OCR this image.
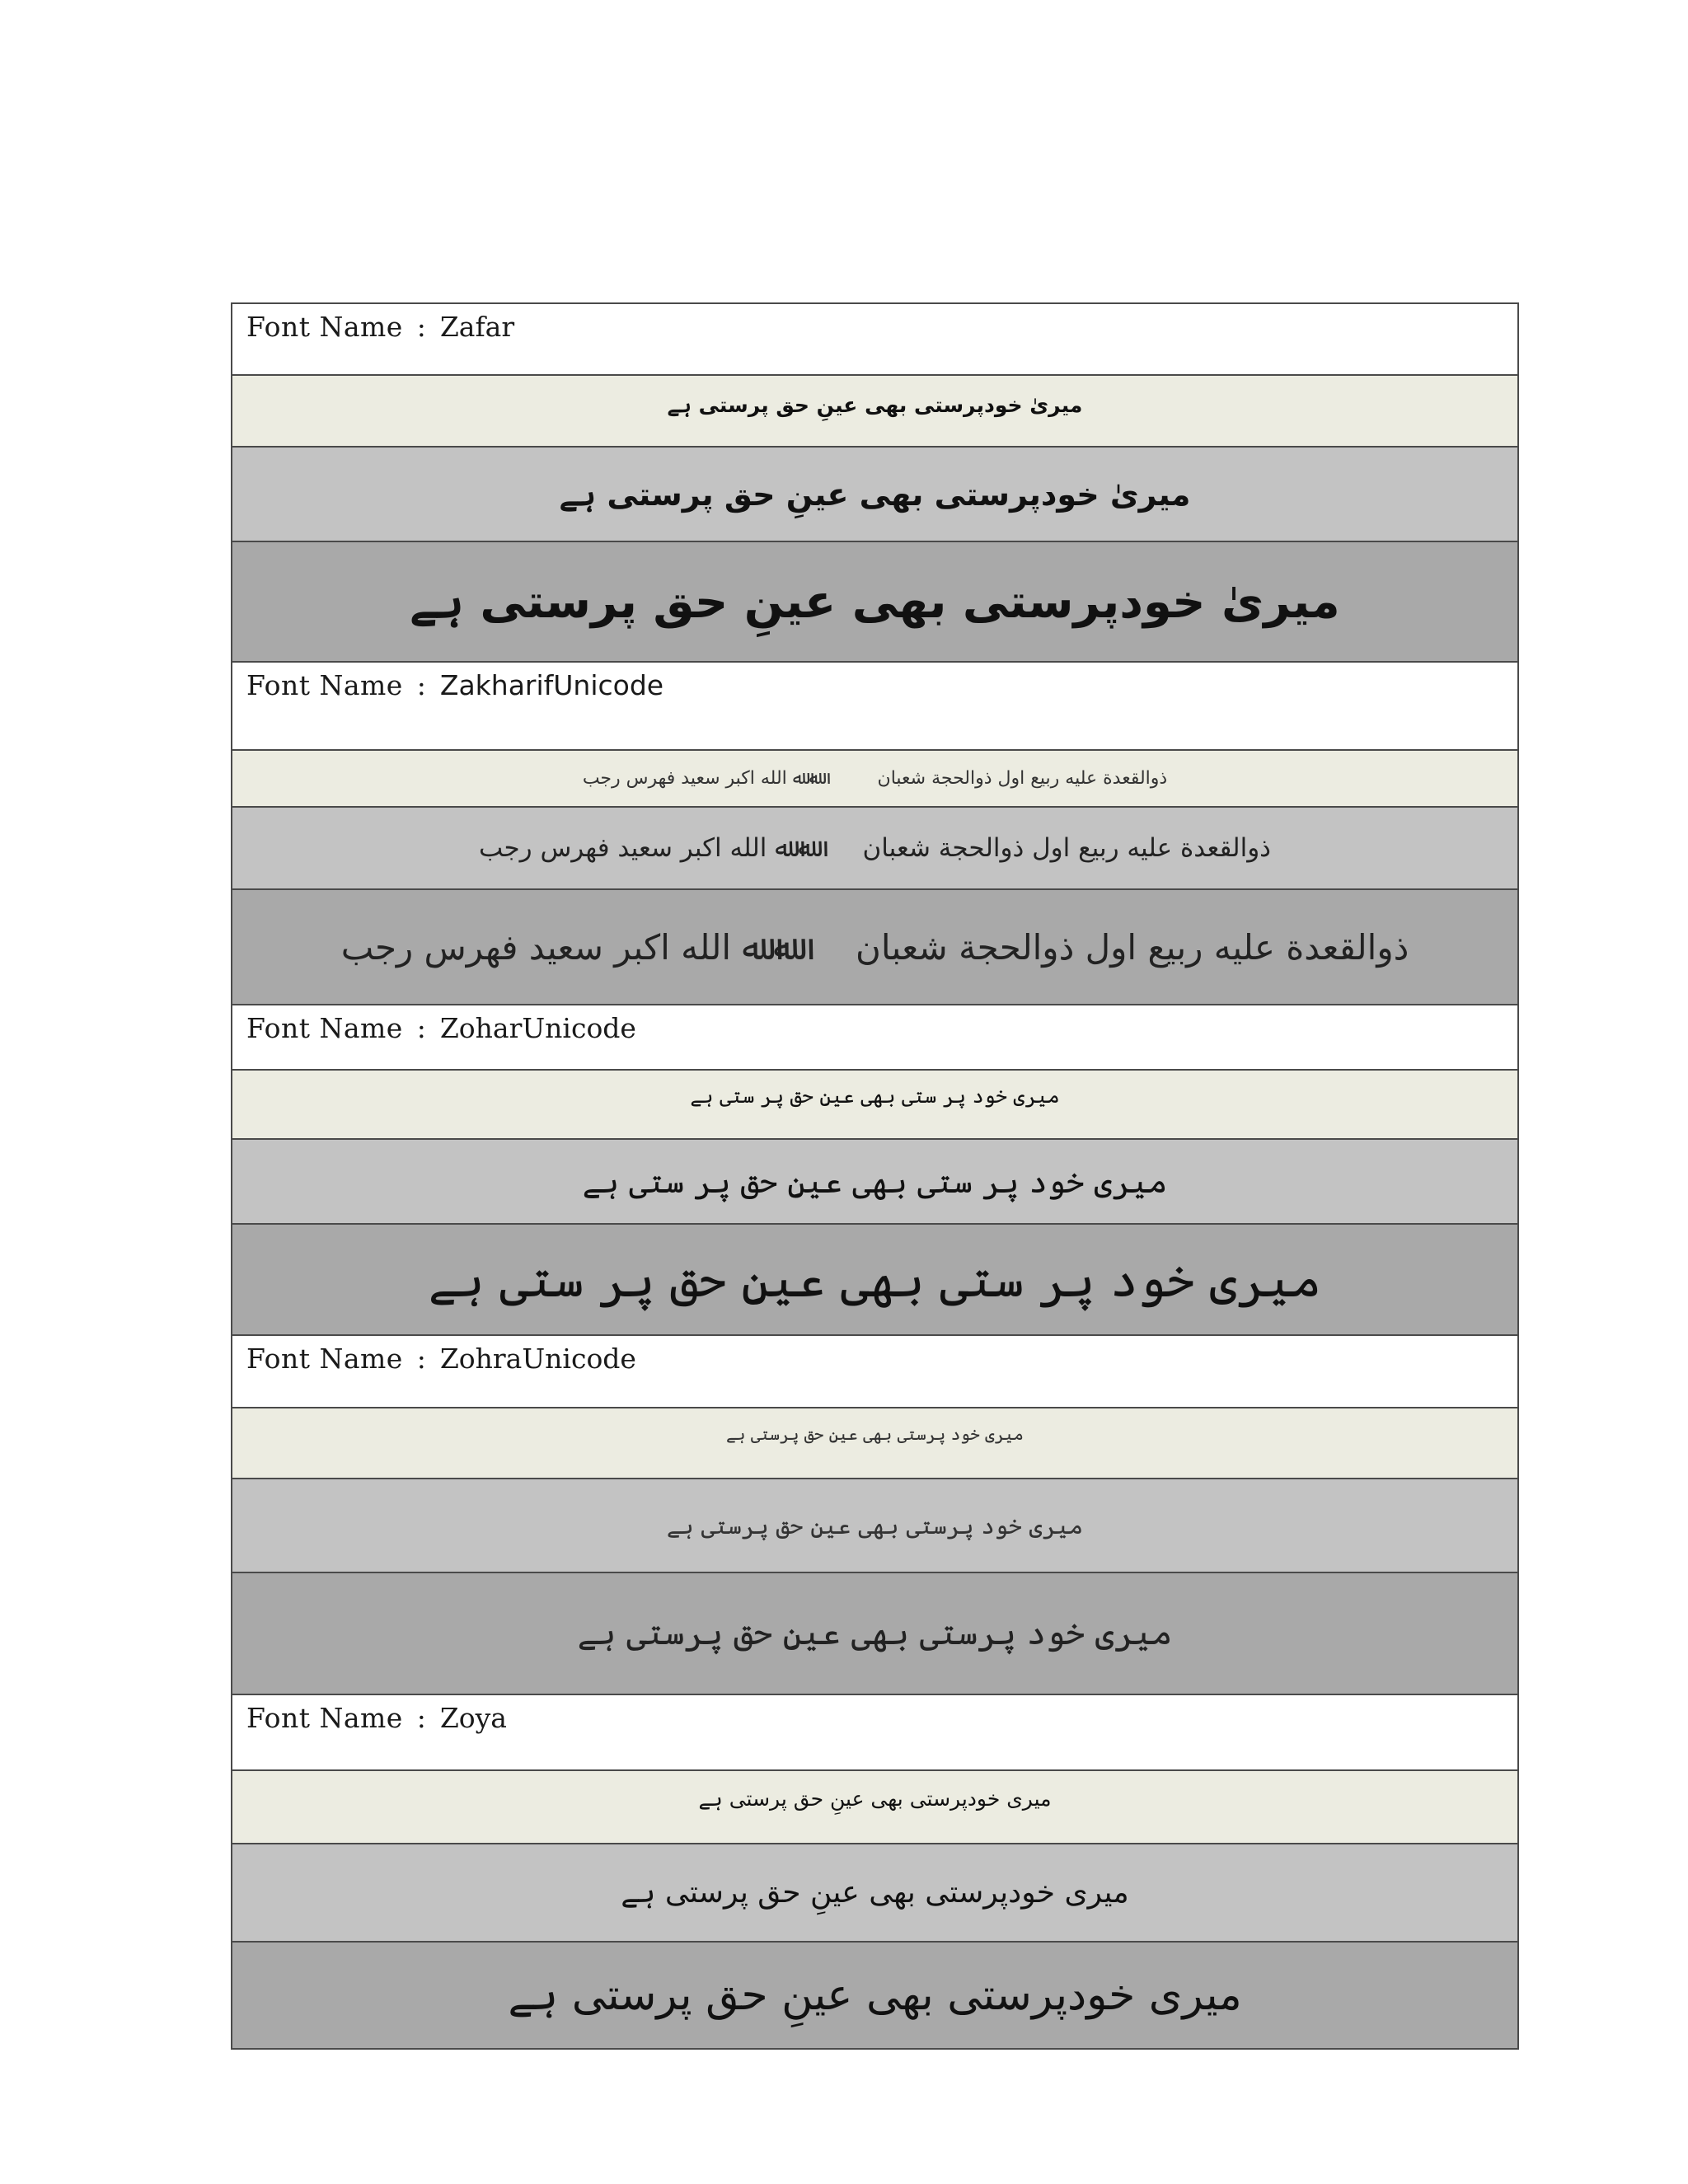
Font Name : Zafar
میریٰ خودپرستی بھی عینِ حق پرستی ہے
میریٰ خودپرستی بھی عینِ حق پرستی ہے
میریٰ خودپرستی بھی عینِ حق پرستی ہے
Font Name : ZakharifUnicode
ﷲ ﷲ الله اكبر سعيد فهرس رجب	ذوالقعدة عليه ربيع اول ذوالحجة شعبان
ﷲ ﷲ الله اكبر سعيد فهرس رجب ذوالقعدة عليه ربيع اول ذوالحجة شعبان
ﷲ ﷲ الله اكبر سعيد فهرس رجب ذوالقعدة عليه ربيع اول ذوالحجة شعبان
Font Name : ZoharUnicode
میری خود پر ستی بھی عینِ حق پر ستی ہے
میری خود پر ستی بھی عینِ حق پر ستی ہے
میری خود پر ستی بھی عینِ حق پر ستی ہے
Font Name : ZohraUnicode
میری خود پرستی بھی عینِ حق پرستی ہے
میری خود پرستی بھی عینِ حق پرستی ہے
میری خود پرستی بھی عینِ حق پرستی ہے
Font Name : Zoya
میری خودپرستی بھی عینِ حق پرستی ہے
میری خودپرستی بھی عینِ حق پرستی ہے
میری خودپرستی بھی عینِ حق پرستی ہے
